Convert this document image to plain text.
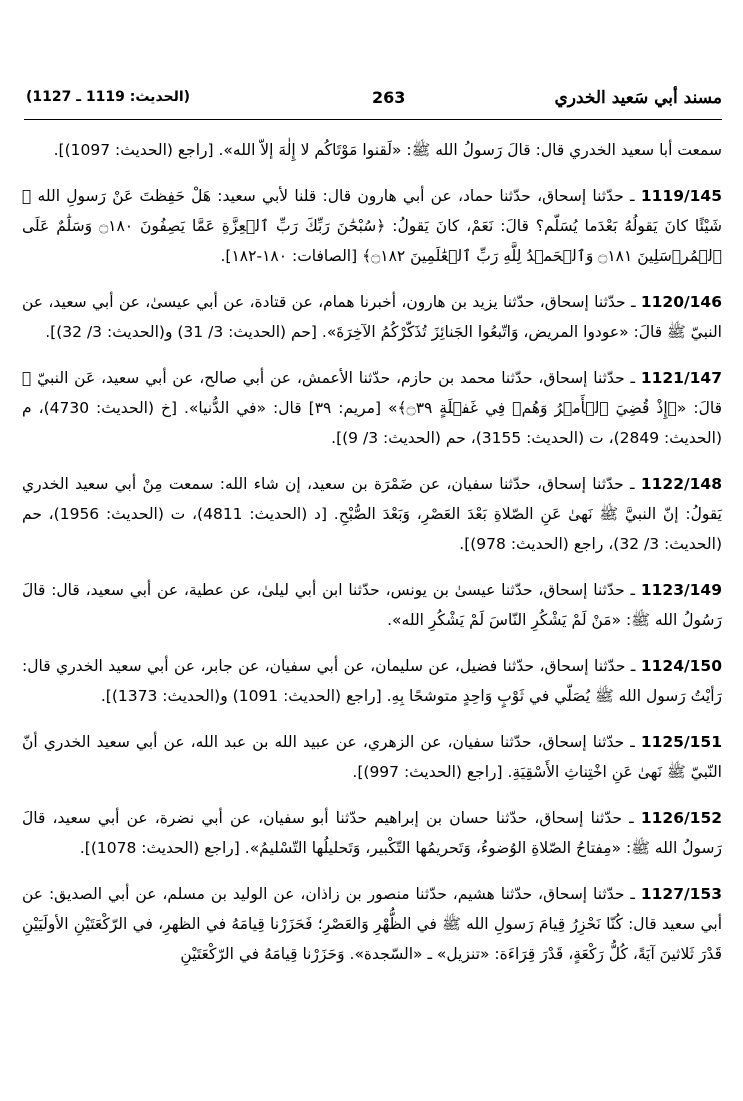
مسند أبي سَعيد الخدري
263
(الحديث: 1119 ـ 1127)

سمعت أبا سعيد الخدري قال: قالَ رَسولُ الله ﷺ: «لَقنوا مَوْتَاكُم لا إِلٰهَ إلاّ الله». [راجع (الحديث: 1097)].

1119/145 ـ حدّثنا إسحاق، حدّثنا حماد، عن أبي هارون قال: قلنا لأبي سعيد: هَلْ حَفِظتَ عَنْ رَسولِ الله ﷺ شَيْئًا كانَ يَقولُهُ بَعْدَما يُسَلّم؟ قالَ: نَعَمْ، كانَ يَقولُ: ﴿سُبْحَٰنَ رَبِّكَ رَبِّ ٱلۡعِزَّةِ عَمَّا يَصِفُونَ ۝١٨٠ وَسَلَٰمٌ عَلَى ٱلۡمُرۡسَلِينَ ۝١٨١ وَٱلۡحَمۡدُ لِلَّهِ رَبِّ ٱلۡعَٰلَمِينَ ۝١٨٢﴾ [الصافات: ١٨٠-١٨٢].

1120/146 ـ حدّثنا إسحاق، حدّثنا يزيد بن هارون، أخبرنا همام، عن قتادة، عن أبي عيسىٰ، عن أبي سعيد، عن النبيّ ﷺ قالَ: «عودوا المريض، وَاتّبعُوا الجَنائِزَ تُذَكّرْكُمُ الآخِرَةَ». [حم (الحديث: 3/ 31) و(الحديث: 3/ 32)].

1121/147 ـ حدّثنا إسحاق، حدّثنا محمد بن حازم، حدّثنا الأعمش، عن أبي صالح، عن أبي سعيد، عَن النبيّ ﷺ قالَ: «﴿إِذْ قُضِيَ ٱلۡأَمۡرُ وَهُمۡ فِي غَفۡلَةٍ ۝٣٩﴾» [مريم: ٣٩] قال: «في الدُّنيا». [خ (الحديث: 4730)، م (الحديث: 2849)، ت (الحديث: 3155)، حم (الحديث: 3/ 9)].

1122/148 ـ حدّثنا إسحاق، حدّثنا سفيان، عن ضَمْرَة بن سعيد، إن شاء الله: سمعت مِنْ أبي سعيد الخدري يَقولُ: إنّ النبيَّ ﷺ نَهىٰ عَنِ الصّلاةِ بَعْدَ العَصْرِ، وَبَعْدَ الصُّبْحِ. [د (الحديث: 4811)، ت (الحديث: 1956)، حم (الحديث: 3/ 32)، راجع (الحديث: 978)].

1123/149 ـ حدّثنا إسحاق، حدّثنا عيسىٰ بن يونس، حدّثنا ابن أبي ليلىٰ، عن عطية، عن أبي سعيد، قال: قالَ رَسُولُ الله ﷺ: «مَنْ لَمْ يَشْكُرِ النّاسَ لَمْ يَشْكُرِ الله».

1124/150 ـ حدّثنا إسحاق، حدّثنا فضيل، عن سليمان، عن أبي سفيان، عن جابر، عن أبي سعيد الخدري قال: رَأيْتُ رَسول الله ﷺ يُصَلّي في ثَوْبٍ وَاحِدٍ متوشحًا بِهِ. [راجع (الحديث: 1091) و(الحديث: 1373)].

1125/151 ـ حدّثنا إسحاق، حدّثنا سفيان، عن الزهري، عن عبيد الله بن عبد الله، عن أبي سعيد الخدري أنّ النّبيّ ﷺ نَهىٰ عَنِ اخْتِناثِ الأَسْقِيَةِ. [راجع (الحديث: 997)].

1126/152 ـ حدّثنا إسحاق، حدّثنا حسان بن إبراهيم حدّثنا أبو سفيان، عن أبي نضرة، عن أبي سعيد، قالَ رَسولُ الله ﷺ: «مِفتاحُ الصّلاةِ الوُضوءُ، وَتَحريمُها التّكْبير، وَتَحليلُها التّسْليمُ». [راجع (الحديث: 1078)].

1127/153 ـ حدّثنا إسحاق، حدّثنا هشيم، حدّثنا منصور بن زاذان، عن الوليد بن مسلم، عن أبي الصديق: عن أبي سعيد قال: كُنّا نَحْزِرُ قِيامَ رَسولِ الله ﷺ في الظُّهْرِ وَالعَصْرِ؛ فَحَزَرْنا قِيامَهُ في الظهرِ، في الرّكْعَتَيْنِ الأولَيَيْنِ قَدْرَ ثَلاثينَ آيَةً، كُلُّ رَكْعَةٍ، قَدْرَ قِرَاءَة: «تنزيل» ـ «السّجدة». وَحَزَرْنا قِيامَهُ في الرّكْعَتَيْنِ
